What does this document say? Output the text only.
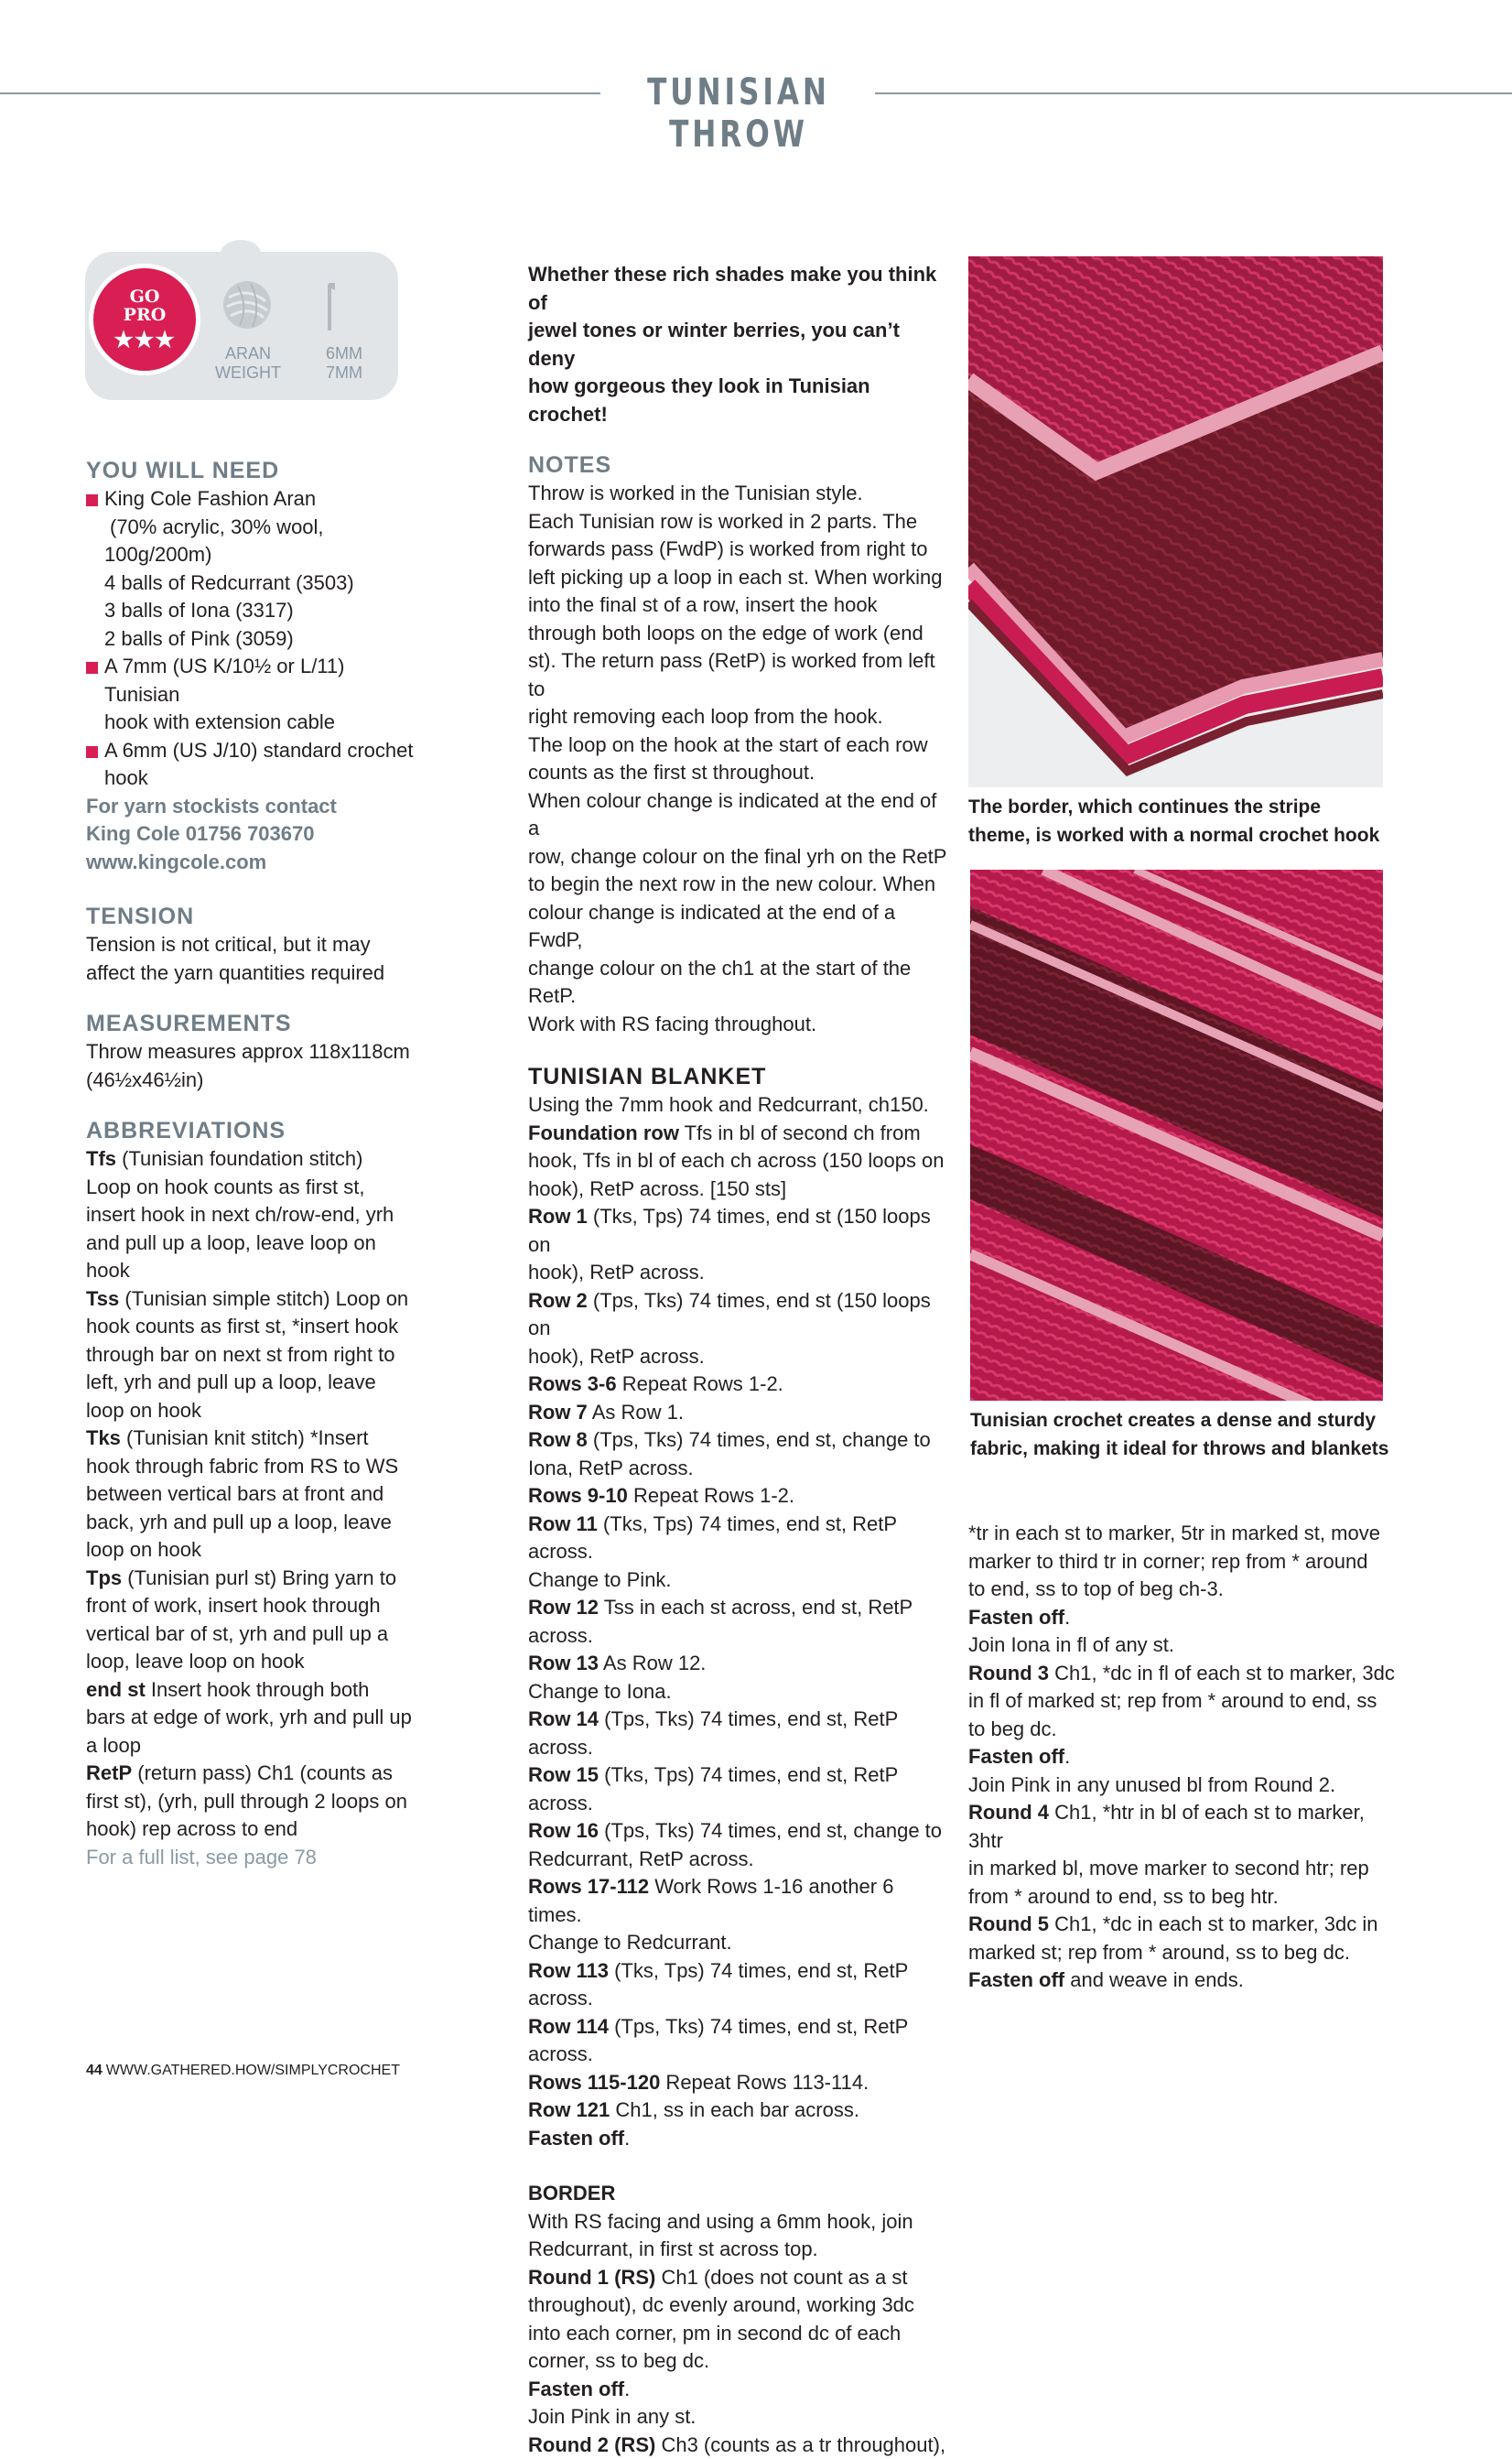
TUNISIAN THROW
GO
PRO
★★★
ARAN
WEIGHT
6MM
7MM

YOU WILL NEED

King Cole Fashion Aran
(70% acrylic, 30% wool,
100g/200m)
4 balls of Redcurrant (3503)
3 balls of Iona (3317)
2 balls of Pink (3059)
A 7mm (US K/10½ or L/11) Tunisian
hook with extension cable
A 6mm (US J/10) standard crochet
hook
For yarn stockists contact
King Cole 01756 703670
www.kingcole.com

TENSION

Tension is not critical, but it may
affect the yarn quantities required

MEASUREMENTS

Throw measures approx 118x118cm
(46½x46½in)

ABBREVIATIONS

Tfs (Tunisian foundation stitch)
Loop on hook counts as first st,
insert hook in next ch/row-end, yrh
and pull up a loop, leave loop on
hook
Tss (Tunisian simple stitch) Loop on
hook counts as first st, *insert hook
through bar on next st from right to
left, yrh and pull up a loop, leave
loop on hook
Tks (Tunisian knit stitch) *Insert
hook through fabric from RS to WS
between vertical bars at front and
back, yrh and pull up a loop, leave
loop on hook
Tps (Tunisian purl st) Bring yarn to
front of work, insert hook through
vertical bar of st, yrh and pull up a
loop, leave loop on hook
end st Insert hook through both
bars at edge of work, yrh and pull up
a loop
RetP (return pass) Ch1 (counts as
first st), (yrh, pull through 2 loops on
hook) rep across to end
For a full list, see page 78
Whether these rich shades make you think of
jewel tones or winter berries, you can’t deny
how gorgeous they look in Tunisian crochet!

NOTES

Throw is worked in the Tunisian style.
Each Tunisian row is worked in 2 parts. The
forwards pass (FwdP) is worked from right to
left picking up a loop in each st. When working
into the final st of a row, insert the hook
through both loops on the edge of work (end
st). The return pass (RetP) is worked from left to
right removing each loop from the hook.
The loop on the hook at the start of each row
counts as the first st throughout.
When colour change is indicated at the end of a
row, change colour on the final yrh on the RetP
to begin the next row in the new colour. When
colour change is indicated at the end of a FwdP,
change colour on the ch1 at the start of the RetP.
Work with RS facing throughout.

TUNISIAN BLANKET

Using the 7mm hook and Redcurrant, ch150.
Foundation row Tfs in bl of second ch from
hook, Tfs in bl of each ch across (150 loops on
hook), RetP across. [150 sts]
Row 1 (Tks, Tps) 74 times, end st (150 loops on
hook), RetP across.
Row 2 (Tps, Tks) 74 times, end st (150 loops on
hook), RetP across.
Rows 3-6 Repeat Rows 1-2.
Row 7 As Row 1.
Row 8 (Tps, Tks) 74 times, end st, change to
Iona, RetP across.
Rows 9-10 Repeat Rows 1-2.
Row 11 (Tks, Tps) 74 times, end st, RetP across.
Change to Pink.
Row 12 Tss in each st across, end st, RetP across.
Row 13 As Row 12.
Change to Iona.
Row 14 (Tps, Tks) 74 times, end st, RetP across.
Row 15 (Tks, Tps) 74 times, end st, RetP across.
Row 16 (Tps, Tks) 74 times, end st, change to
Redcurrant, RetP across.
Rows 17-112 Work Rows 1-16 another 6 times.
Change to Redcurrant.
Row 113 (Tks, Tps) 74 times, end st, RetP across.
Row 114 (Tps, Tks) 74 times, end st, RetP across.
Rows 115-120 Repeat Rows 113-114.
Row 121 Ch1, ss in each bar across.
Fasten off.

BORDER

With RS facing and using a 6mm hook, join
Redcurrant, in first st across top.
Round 1 (RS) Ch1 (does not count as a st
throughout), dc evenly around, working 3dc
into each corner, pm in second dc of each
corner, ss to beg dc.
Fasten off.
Join Pink in any st.
Round 2 (RS) Ch3 (counts as a tr throughout),
The border, which continues the stripe
theme, is worked with a normal crochet hook
Tunisian crochet creates a dense and sturdy
fabric, making it ideal for throws and blankets
*tr in each st to marker, 5tr in marked st, move
marker to third tr in corner; rep from * around
to end, ss to top of beg ch-3.
Fasten off.
Join Iona in fl of any st.
Round 3 Ch1, *dc in fl of each st to marker, 3dc
in fl of marked st; rep from * around to end, ss
to beg dc.
Fasten off.
Join Pink in any unused bl from Round 2.
Round 4 Ch1, *htr in bl of each st to marker, 3htr
in marked bl, move marker to second htr; rep
from * around to end, ss to beg htr.
Round 5 Ch1, *dc in each st to marker, 3dc in
marked st; rep from * around, ss to beg dc.
Fasten off and weave in ends.
44 WWW.GATHERED.HOW/SIMPLYCROCHET
